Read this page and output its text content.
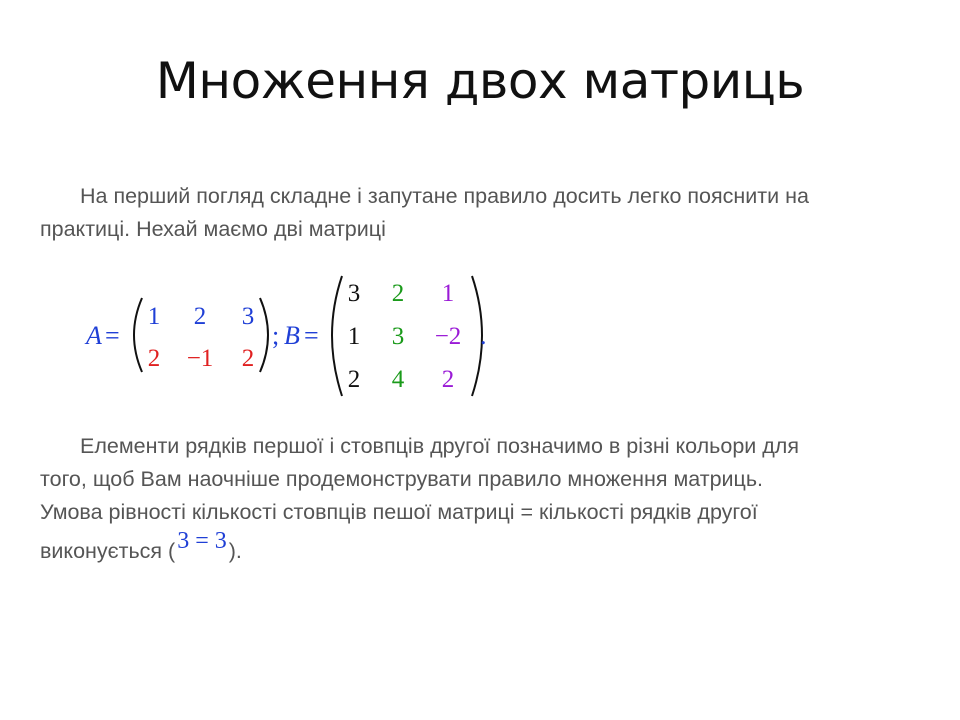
Множення двох матриць
На перший погляд складне і запутане правило досить легко пояснити на
практиці. Нехай маємо дві матриці
A =
1 2 3
2 −1 2
; B =
3 2 1
1 3 −2
2 4 2
.
Елементи рядків першої і стовпців другої позначимо в різні кольори для
того, щоб Вам наочніше продемонструвати правило множення матриць.
Умова рівності кількості стовпців пешої матриці = кількості рядків другої
виконується (3 = 3).
